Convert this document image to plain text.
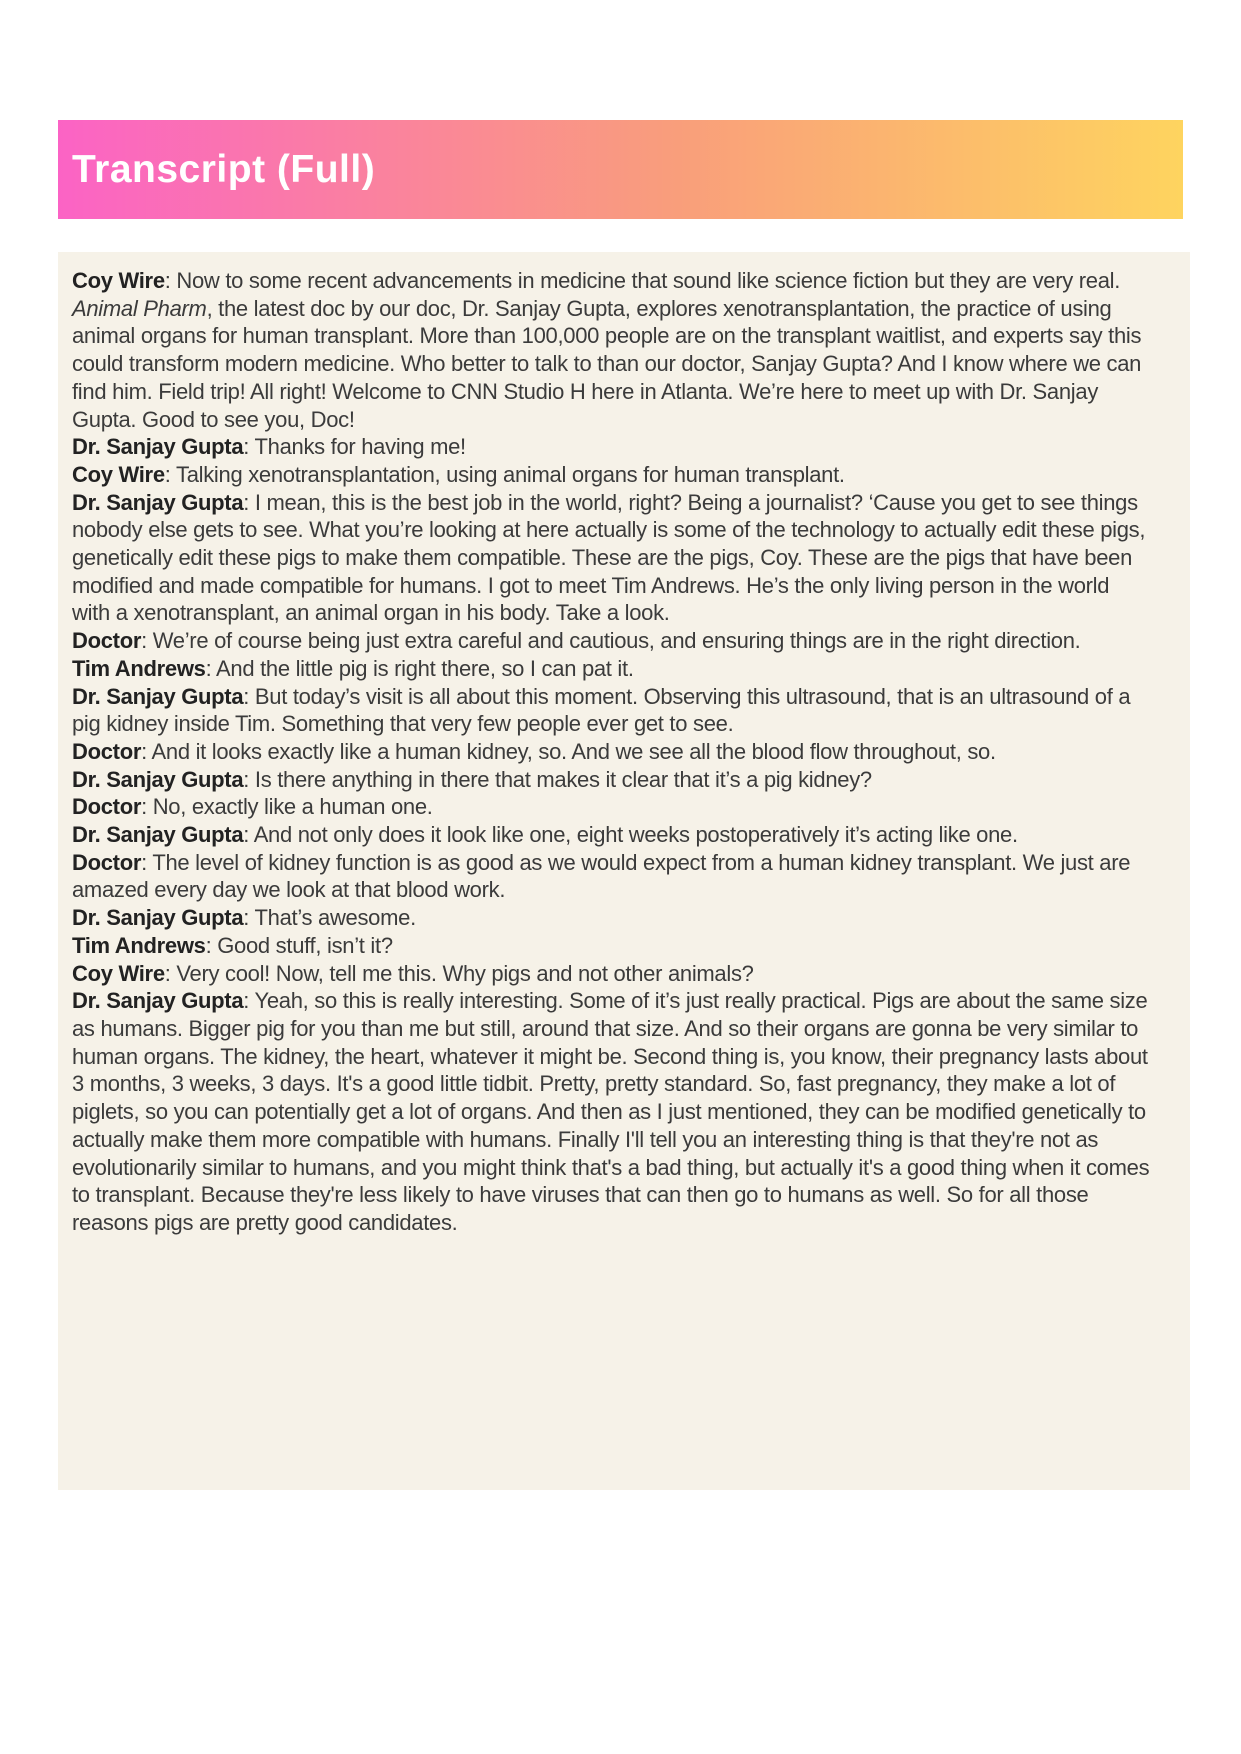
Transcript (Full)

Coy Wire: Now to some recent advancements in medicine that sound like science fiction but they are very real. Animal Pharm, the latest doc by our doc, Dr. Sanjay Gupta, explores xenotransplantation, the practice of using animal organs for human transplant. More than 100,000 people are on the transplant waitlist, and experts say this could transform modern medicine. Who better to talk to than our doctor, Sanjay Gupta? And I know where we can find him. Field trip! All right! Welcome to CNN Studio H here in Atlanta. We’re here to meet up with Dr. Sanjay Gupta. Good to see you, Doc!

Dr. Sanjay Gupta: Thanks for having me!

Coy Wire: Talking xenotransplantation, using animal organs for human transplant.

Dr. Sanjay Gupta: I mean, this is the best job in the world, right? Being a journalist? ‘Cause you get to see things nobody else gets to see. What you’re looking at here actually is some of the technology to actually edit these pigs, genetically edit these pigs to make them compatible. These are the pigs, Coy. These are the pigs that have been modified and made compatible for humans. I got to meet Tim Andrews. He’s the only living person in the world with a xenotransplant, an animal organ in his body. Take a look.

Doctor: We’re of course being just extra careful and cautious, and ensuring things are in the right direction.

Tim Andrews: And the little pig is right there, so I can pat it.

Dr. Sanjay Gupta: But today’s visit is all about this moment. Observing this ultrasound, that is an ultrasound of a pig kidney inside Tim. Something that very few people ever get to see.

Doctor: And it looks exactly like a human kidney, so. And we see all the blood flow throughout, so.

Dr. Sanjay Gupta: Is there anything in there that makes it clear that it’s a pig kidney?

Doctor: No, exactly like a human one.

Dr. Sanjay Gupta: And not only does it look like one, eight weeks postoperatively it’s acting like one.

Doctor: The level of kidney function is as good as we would expect from a human kidney transplant. We just are amazed every day we look at that blood work.

Dr. Sanjay Gupta: That’s awesome.

Tim Andrews: Good stuff, isn’t it?

Coy Wire: Very cool! Now, tell me this. Why pigs and not other animals?

Dr. Sanjay Gupta: Yeah, so this is really interesting. Some of it’s just really practical. Pigs are about the same size as humans. Bigger pig for you than me but still, around that size. And so their organs are gonna be very similar to human organs. The kidney, the heart, whatever it might be. Second thing is, you know, their pregnancy lasts about 3 months, 3 weeks, 3 days. It's a good little tidbit. Pretty, pretty standard. So, fast pregnancy, they make a lot of piglets, so you can potentially get a lot of organs. And then as I just mentioned, they can be modified genetically to actually make them more compatible with humans. Finally I'll tell you an interesting thing is that they're not as evolutionarily similar to humans, and you might think that's a bad thing, but actually it's a good thing when it comes to transplant. Because they're less likely to have viruses that can then go to humans as well. So for all those reasons pigs are pretty good candidates.
